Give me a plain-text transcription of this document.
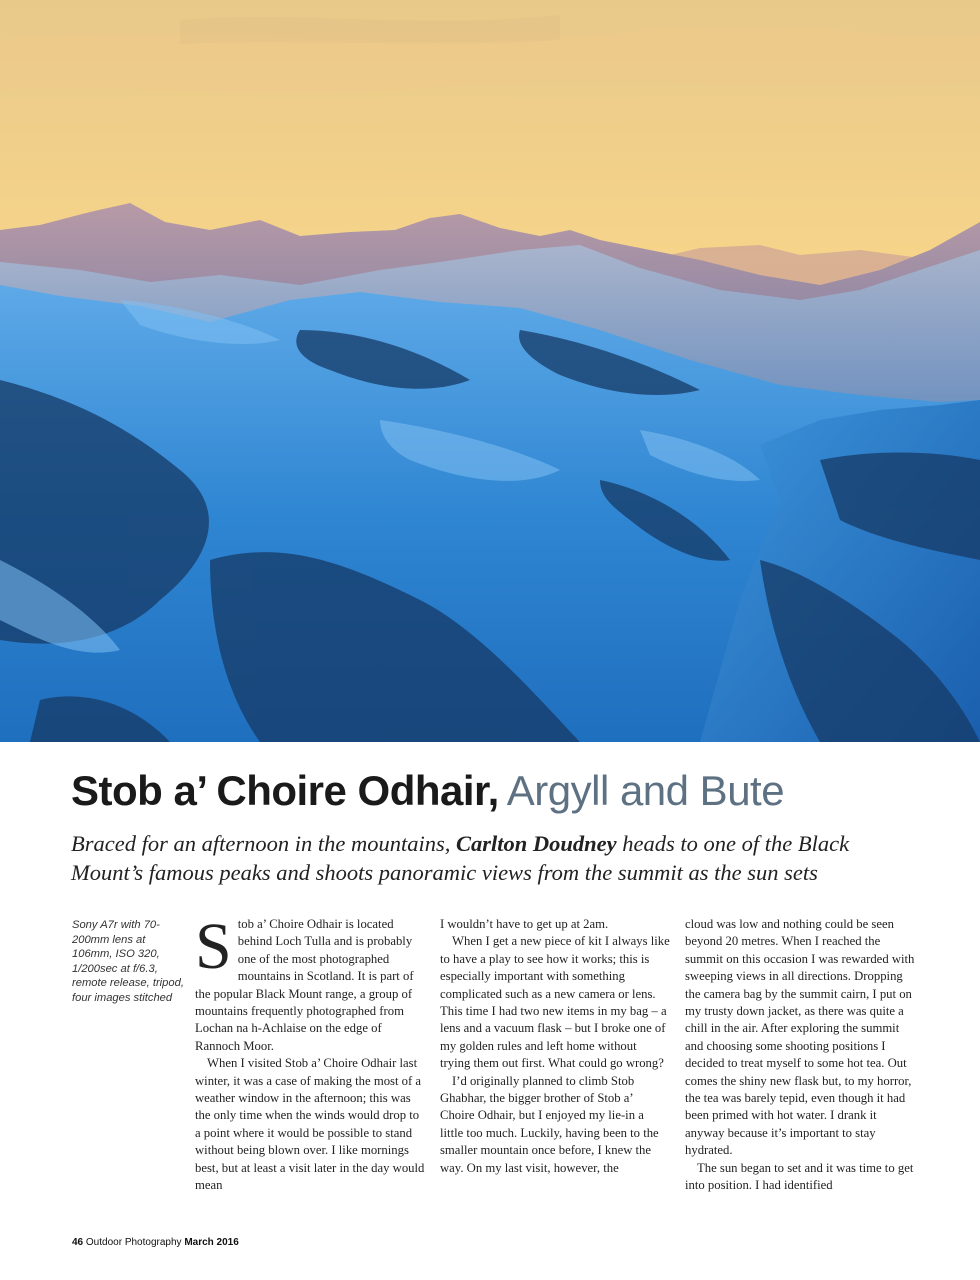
Stob a’ Choire Odhair, Argyll and Bute

Braced for an afternoon in the mountains, Carlton Doudney heads to one of the Black Mount’s famous peaks and shoots panoramic views from the summit as the sun sets

Sony A7r with 70-200mm lens at 106mm, ISO 320, 1/200sec at f/6.3, remote release, tripod, four images stitched

Stob a’ Choire Odhair is located behind Loch Tulla and is probably one of the most photographed mountains in Scotland. It is part of the popular Black Mount range, a group of mountains frequently photographed from Lochan na h-Achlaise on the edge of Rannoch Moor.

When I visited Stob a’ Choire Odhair last winter, it was a case of making the most of a weather window in the afternoon; this was the only time when the winds would drop to a point where it would be possible to stand without being blown over. I like mornings best, but at least a visit later in the day would mean

I wouldn’t have to get up at 2am.

When I get a new piece of kit I always like to have a play to see how it works; this is especially important with something complicated such as a new camera or lens. This time I had two new items in my bag – a lens and a vacuum flask – but I broke one of my golden rules and left home without trying them out first. What could go wrong?

I’d originally planned to climb Stob Ghabhar, the bigger brother of Stob a’ Choire Odhair, but I enjoyed my lie-in a little too much. Luckily, having been to the smaller mountain once before, I knew the way. On my last visit, however, the

cloud was low and nothing could be seen beyond 20 metres. When I reached the summit on this occasion I was rewarded with sweeping views in all directions. Dropping the camera bag by the summit cairn, I put on my trusty down jacket, as there was quite a chill in the air. After exploring the summit and choosing some shooting positions I decided to treat myself to some hot tea. Out comes the shiny new flask but, to my horror, the tea was barely tepid, even though it had been primed with hot water. I drank it anyway because it’s important to stay hydrated.

The sun began to set and it was time to get into position. I had identified

46 Outdoor Photography March 2016
